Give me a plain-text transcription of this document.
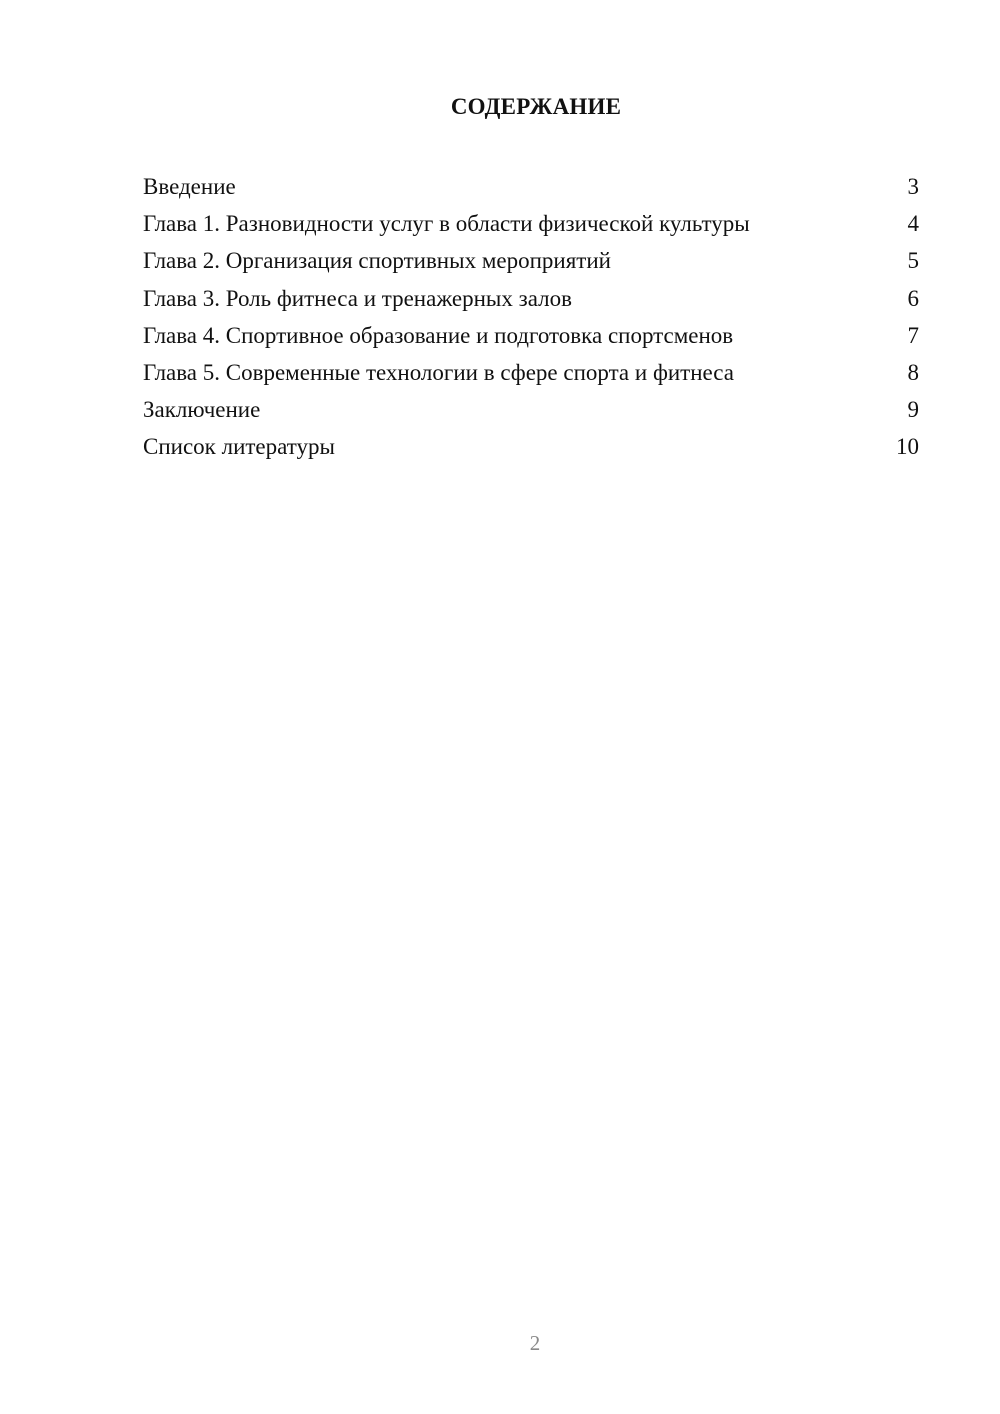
СОДЕРЖАНИЕ
Введение	3
Глава 1. Разновидности услуг в области физической культуры	4
Глава 2. Организация спортивных мероприятий	5
Глава 3. Роль фитнеса и тренажерных залов	6
Глава 4. Спортивное образование и подготовка спортсменов	7
Глава 5. Современные технологии в сфере спорта и фитнеса	8
Заключение	9
Список литературы	10
2
